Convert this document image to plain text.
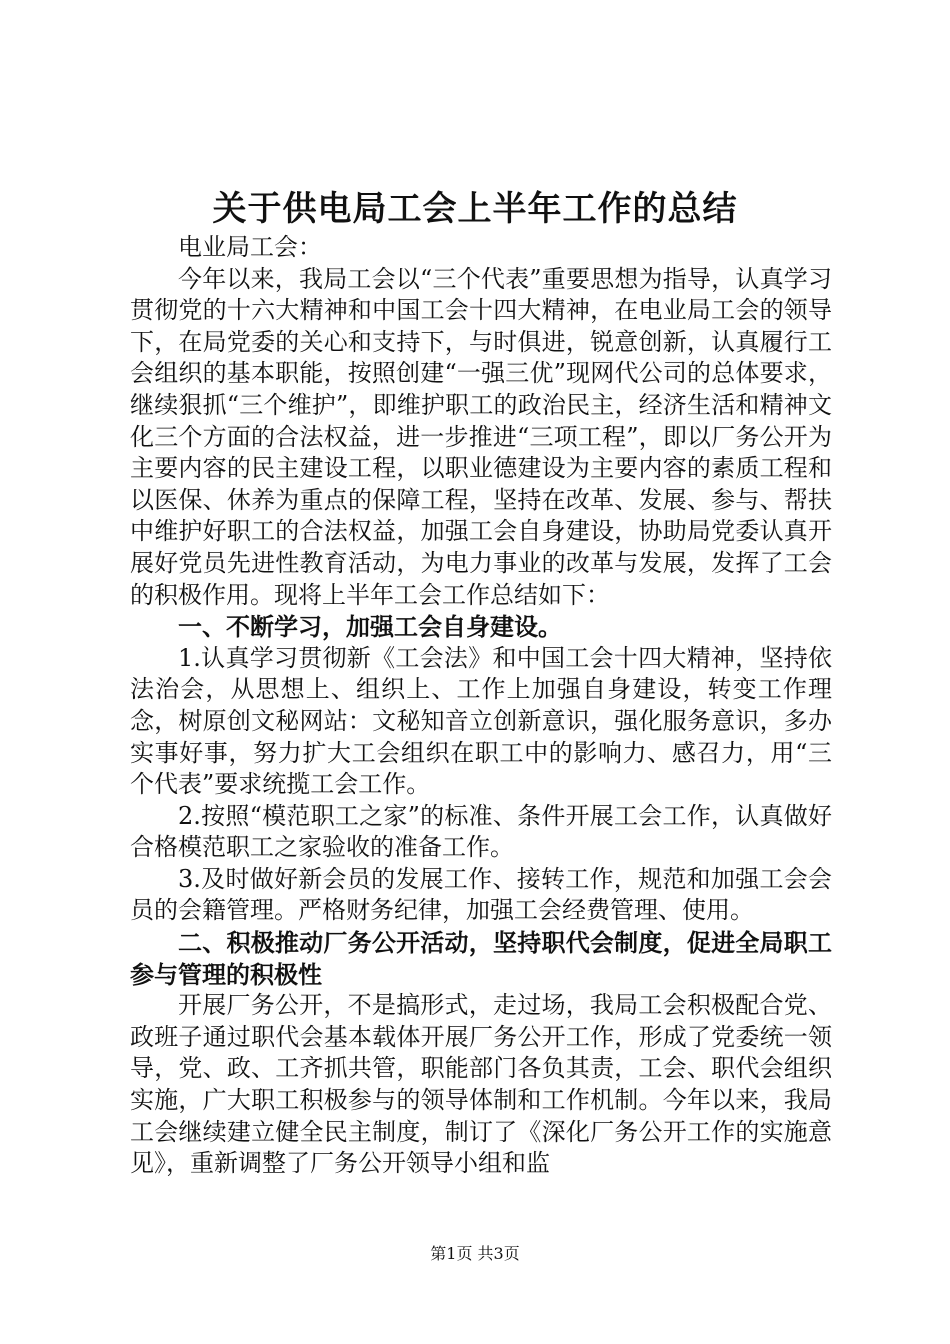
关于供电局工会上半年工作的总结

电业局工会：

今年以来，我局工会以“三个代表”重要思想为指导，认真学习贯彻党的十六大精神和中国工会十四大精神，在电业局工会的领导下，在局党委的关心和支持下，与时俱进，锐意创新，认真履行工会组织的基本职能，按照创建“一强三优”现网代公司的总体要求，继续狠抓“三个维护”，即维护职工的政治民主，经济生活和精神文化三个方面的合法权益，进一步推进“三项工程”，即以厂务公开为主要内容的民主建设工程，以职业德建设为主要内容的素质工程和以医保、休养为重点的保障工程，坚持在改革、发展、参与、帮扶中维护好职工的合法权益，加强工会自身建设，协助局党委认真开展好党员先进性教育活动，为电力事业的改革与发展，发挥了工会的积极作用。现将上半年工会工作总结如下：

一、不断学习，加强工会自身建设。

1.认真学习贯彻新《工会法》和中国工会十四大精神，坚持依法治会，从思想上、组织上、工作上加强自身建设，转变工作理念，树原创文秘网站：文秘知音立创新意识，强化服务意识，多办实事好事，努力扩大工会组织在职工中的影响力、感召力，用“三个代表”要求统揽工会工作。

2.按照“模范职工之家”的标准、条件开展工会工作，认真做好合格模范职工之家验收的准备工作。

3.及时做好新会员的发展工作、接转工作，规范和加强工会会员的会籍管理。严格财务纪律，加强工会经费管理、使用。

二、积极推动厂务公开活动，坚持职代会制度，促进全局职工参与管理的积极性

开展厂务公开，不是搞形式，走过场，我局工会积极配合党、政班子通过职代会基本载体开展厂务公开工作，形成了党委统一领导，党、政、工齐抓共管，职能部门各负其责，工会、职代会组织实施，广大职工积极参与的领导体制和工作机制。今年以来，我局工会继续建立健全民主制度，制订了《深化厂务公开工作的实施意见》，重新调整了厂务公开领导小组和监

第1页 共3页
